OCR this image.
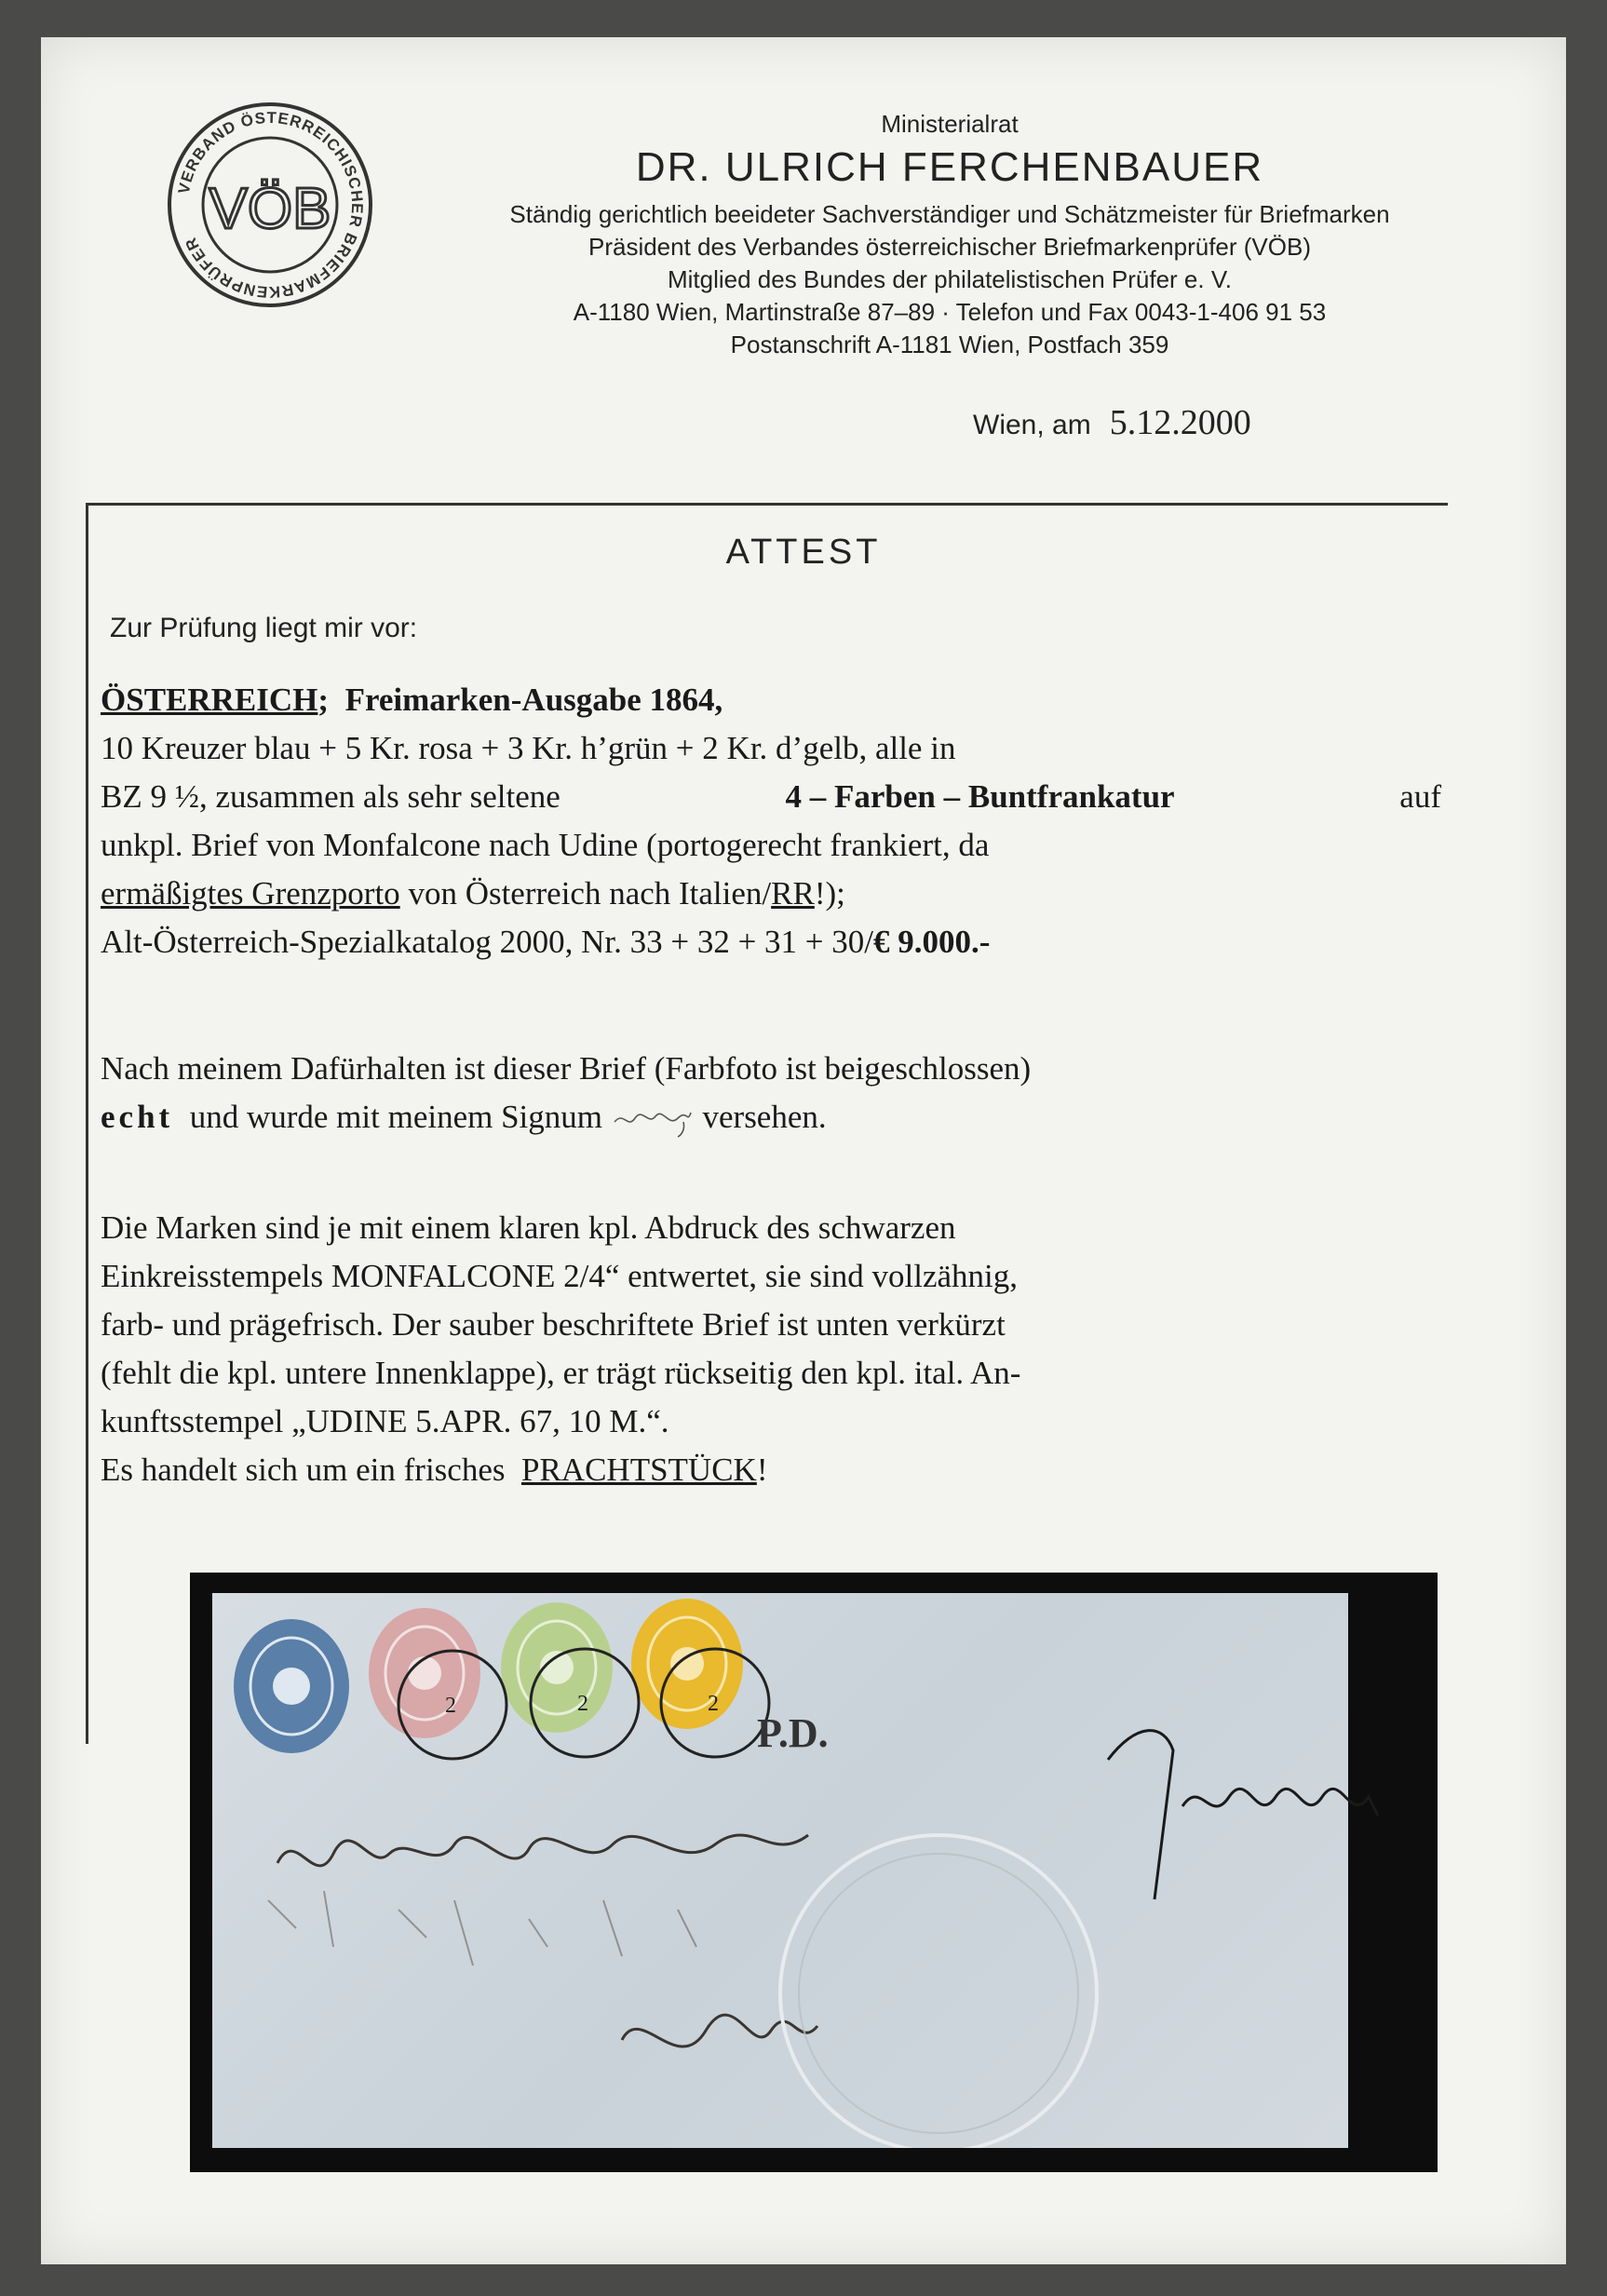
VERBAND ÖSTERREICHISCHER BRIEFMARKENPRÜFER
VÖB
Ministerialrat
DR. ULRICH FERCHENBAUER
Ständig gerichtlich beeideter Sachverständiger und Schätzmeister für Briefmarken
Präsident des Verbandes österreichischer Briefmarkenprüfer (VÖB)
Mitglied des Bundes der philatelistischen Prüfer e. V.
A-1180 Wien, Martinstraße 87–89 · Telefon und Fax 0043-1-406 91 53
Postanschrift A-1181 Wien, Postfach 359
Wien, am 5.12.2000
ATTEST
Zur Prüfung liegt mir vor:
ÖSTERREICH;  Freimarken-Ausgabe 1864,
10 Kreuzer blau + 5 Kr. rosa + 3 Kr. h’grün + 2 Kr. d’gelb, alle in
BZ 9 ½, zusammen als sehr seltene	4 – Farben – Buntfrankatur	auf
unkpl. Brief von Monfalcone nach Udine (portogerecht frankiert, da
ermäßigtes Grenzporto von Österreich nach Italien/RR!);
Alt-Österreich-Spezialkatalog 2000, Nr. 33 + 32 + 31 + 30/€ 9.000.-
Nach meinem Dafürhalten ist dieser Brief (Farbfoto ist beigeschlossen)
echt und wurde mit meinem Signum	versehen.
Die Marken sind je mit einem klaren kpl. Abdruck des schwarzen
Einkreisstempels MONFALCONE 2/4“ entwertet, sie sind vollzähnig,
farb- und prägefrisch. Der sauber beschriftete Brief ist unten verkürzt
(fehlt die kpl. untere Innenklappe), er trägt rückseitig den kpl. ital. An-
kunftsstempel „UDINE 5.APR. 67, 10 M.“.
Es handelt sich um ein frisches PRACHTSTÜCK!
2	2	2
P.D.
